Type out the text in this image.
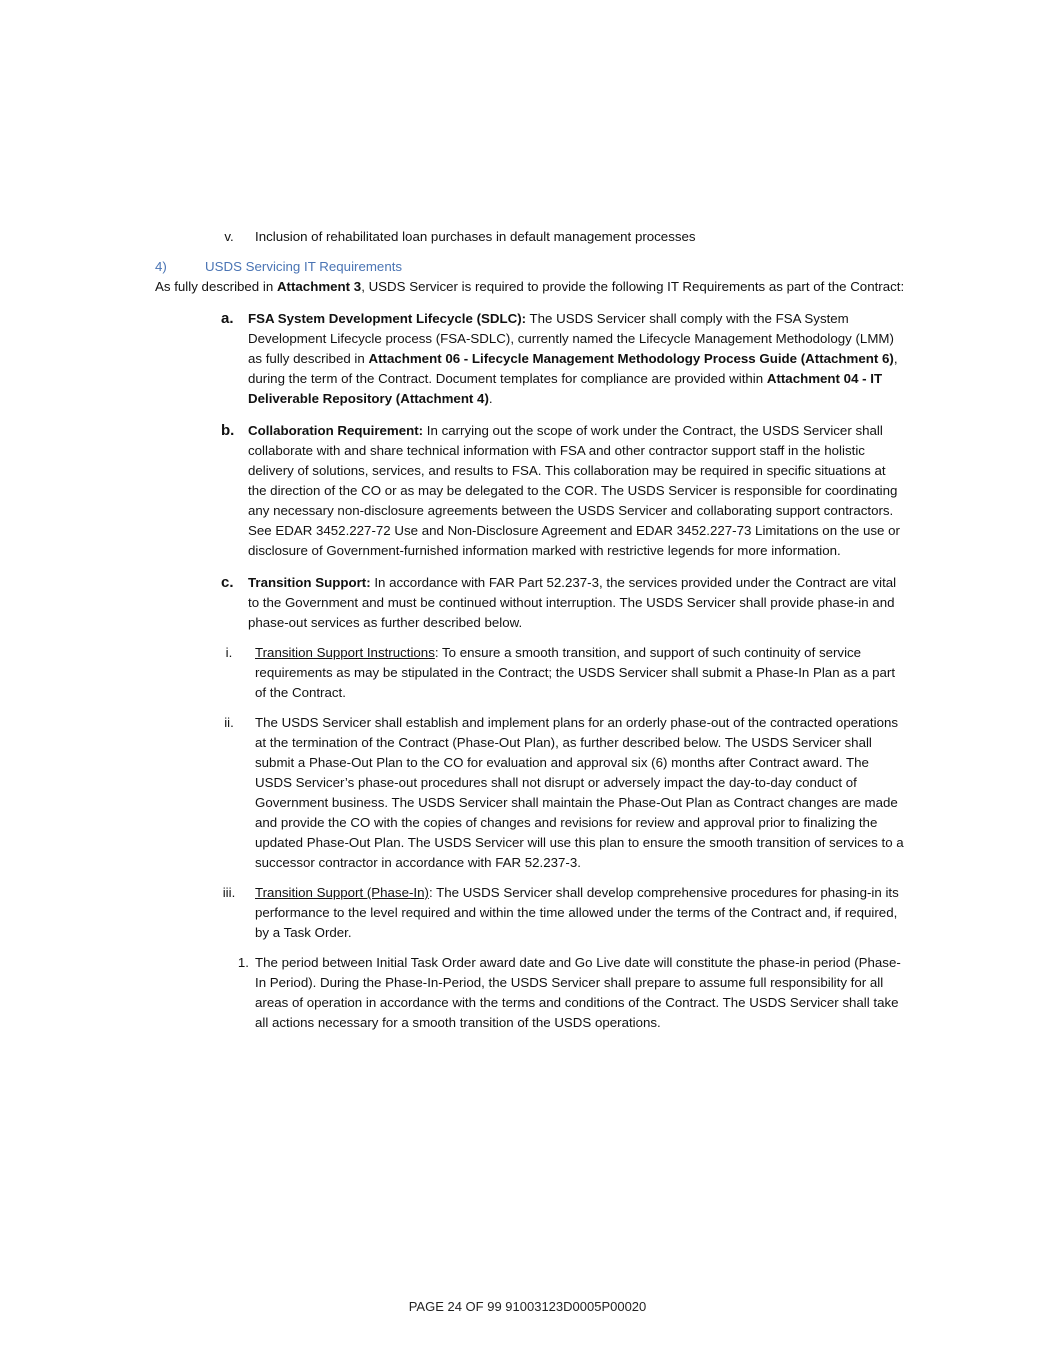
v.	Inclusion of rehabilitated loan purchases in default management processes
4)	USDS Servicing IT Requirements
As fully described in Attachment 3, USDS Servicer is required to provide the following IT Requirements as part of the Contract:
a. FSA System Development Lifecycle (SDLC): The USDS Servicer shall comply with the FSA System Development Lifecycle process (FSA-SDLC), currently named the Lifecycle Management Methodology (LMM) as fully described in Attachment 06 - Lifecycle Management Methodology Process Guide (Attachment 6), during the term of the Contract. Document templates for compliance are provided within Attachment 04 - IT Deliverable Repository (Attachment 4).
b. Collaboration Requirement: In carrying out the scope of work under the Contract, the USDS Servicer shall collaborate with and share technical information with FSA and other contractor support staff in the holistic delivery of solutions, services, and results to FSA. This collaboration may be required in specific situations at the direction of the CO or as may be delegated to the COR. The USDS Servicer is responsible for coordinating any necessary non-disclosure agreements between the USDS Servicer and collaborating support contractors. See EDAR 3452.227-72 Use and Non-Disclosure Agreement and EDAR 3452.227-73 Limitations on the use or disclosure of Government-furnished information marked with restrictive legends for more information.
c. Transition Support: In accordance with FAR Part 52.237-3, the services provided under the Contract are vital to the Government and must be continued without interruption. The USDS Servicer shall provide phase-in and phase-out services as further described below.
i.	Transition Support Instructions: To ensure a smooth transition, and support of such continuity of service requirements as may be stipulated in the Contract; the USDS Servicer shall submit a Phase-In Plan as a part of the Contract.
ii.	The USDS Servicer shall establish and implement plans for an orderly phase-out of the contracted operations at the termination of the Contract (Phase-Out Plan), as further described below. The USDS Servicer shall submit a Phase-Out Plan to the CO for evaluation and approval six (6) months after Contract award. The USDS Servicer’s phase-out procedures shall not disrupt or adversely impact the day-to-day conduct of Government business. The USDS Servicer shall maintain the Phase-Out Plan as Contract changes are made and provide the CO with the copies of changes and revisions for review and approval prior to finalizing the updated Phase-Out Plan. The USDS Servicer will use this plan to ensure the smooth transition of services to a successor contractor in accordance with FAR 52.237-3.
iii.	Transition Support (Phase-In): The USDS Servicer shall develop comprehensive procedures for phasing-in its performance to the level required and within the time allowed under the terms of the Contract and, if required, by a Task Order.
1. The period between Initial Task Order award date and Go Live date will constitute the phase-in period (Phase-In Period). During the Phase-In-Period, the USDS Servicer shall prepare to assume full responsibility for all areas of operation in accordance with the terms and conditions of the Contract. The USDS Servicer shall take all actions necessary for a smooth transition of the USDS operations.
PAGE 24 OF 99 91003123D0005P00020
